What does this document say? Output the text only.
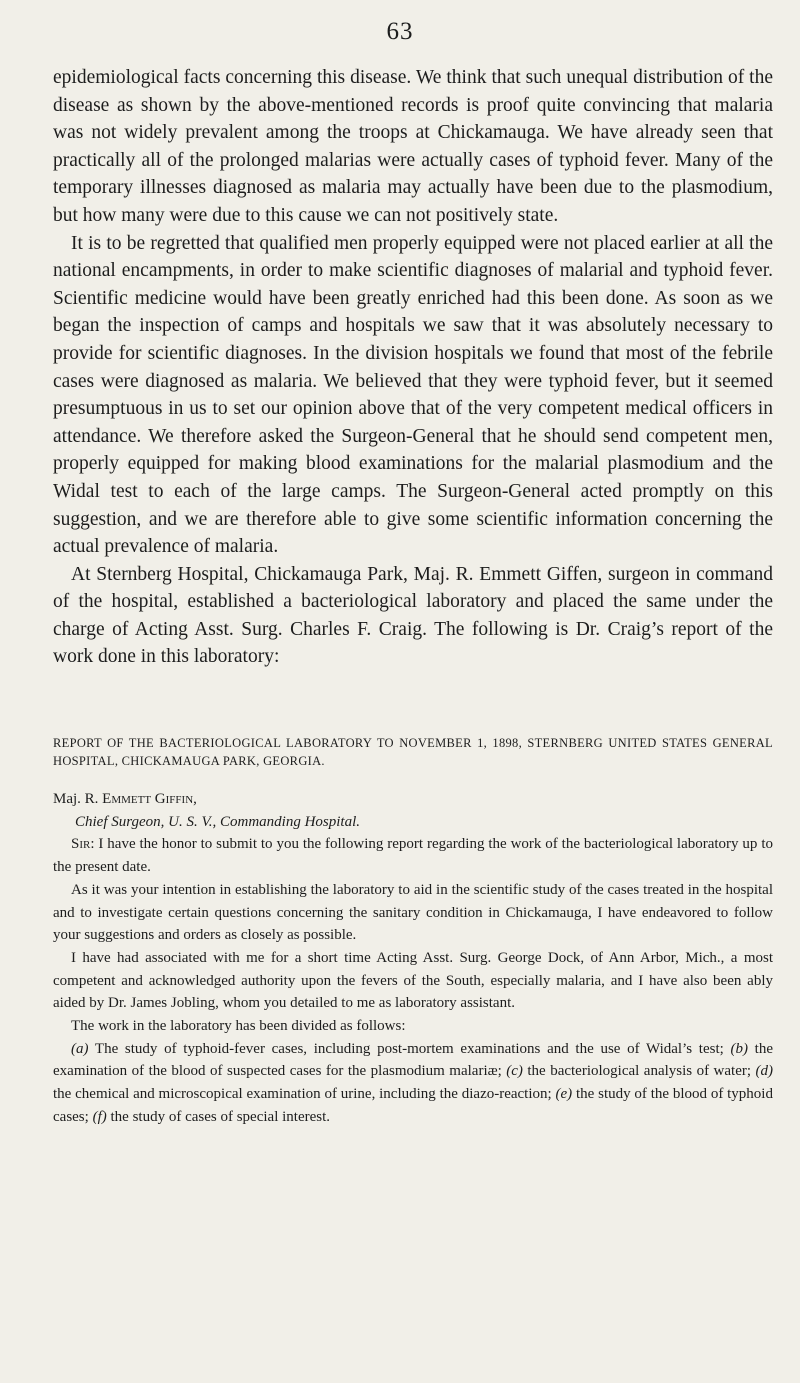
63

epidemiological facts concerning this disease. We think that such unequal distribution of the disease as shown by the above-mentioned records is proof quite convincing that malaria was not widely prevalent among the troops at Chickamauga. We have already seen that practically all of the prolonged malarias were actually cases of typhoid fever. Many of the temporary illnesses diagnosed as malaria may actually have been due to the plasmodium, but how many were due to this cause we can not positively state.

It is to be regretted that qualified men properly equipped were not placed earlier at all the national encampments, in order to make scientific diagnoses of malarial and typhoid fever. Scientific medicine would have been greatly enriched had this been done. As soon as we began the inspection of camps and hospitals we saw that it was absolutely necessary to provide for scientific diagnoses. In the division hospitals we found that most of the febrile cases were diagnosed as malaria. We believed that they were typhoid fever, but it seemed presumptuous in us to set our opinion above that of the very competent medical officers in attendance. We therefore asked the Surgeon-General that he should send competent men, properly equipped for making blood examinations for the malarial plasmodium and the Widal test to each of the large camps. The Surgeon-General acted promptly on this suggestion, and we are therefore able to give some scientific information concerning the actual prevalence of malaria.

At Sternberg Hospital, Chickamauga Park, Maj. R. Emmett Giffen, surgeon in command of the hospital, established a bacteriological laboratory and placed the same under the charge of Acting Asst. Surg. Charles F. Craig. The following is Dr. Craig’s report of the work done in this laboratory:

REPORT OF THE BACTERIOLOGICAL LABORATORY TO NOVEMBER 1, 1898, STERNBERG UNITED STATES GENERAL HOSPITAL, CHICKAMAUGA PARK, GEORGIA.

Maj. R. Emmett Giffin,

Chief Surgeon, U. S. V., Commanding Hospital.

Sir: I have the honor to submit to you the following report regarding the work of the bacteriological laboratory up to the present date.

As it was your intention in establishing the laboratory to aid in the scientific study of the cases treated in the hospital and to investigate certain questions concerning the sanitary condition in Chickamauga, I have endeavored to follow your suggestions and orders as closely as possible.

I have had associated with me for a short time Acting Asst. Surg. George Dock, of Ann Arbor, Mich., a most competent and acknowledged authority upon the fevers of the South, especially malaria, and I have also been ably aided by Dr. James Jobling, whom you detailed to me as laboratory assistant.

The work in the laboratory has been divided as follows:

(a) The study of typhoid-fever cases, including post-mortem examinations and the use of Widal’s test; (b) the examination of the blood of suspected cases for the plasmodium malariæ; (c) the bacteriological analysis of water; (d) the chemical and microscopical examination of urine, including the diazo-reaction; (e) the study of the blood of typhoid cases; (f) the study of cases of special interest.
